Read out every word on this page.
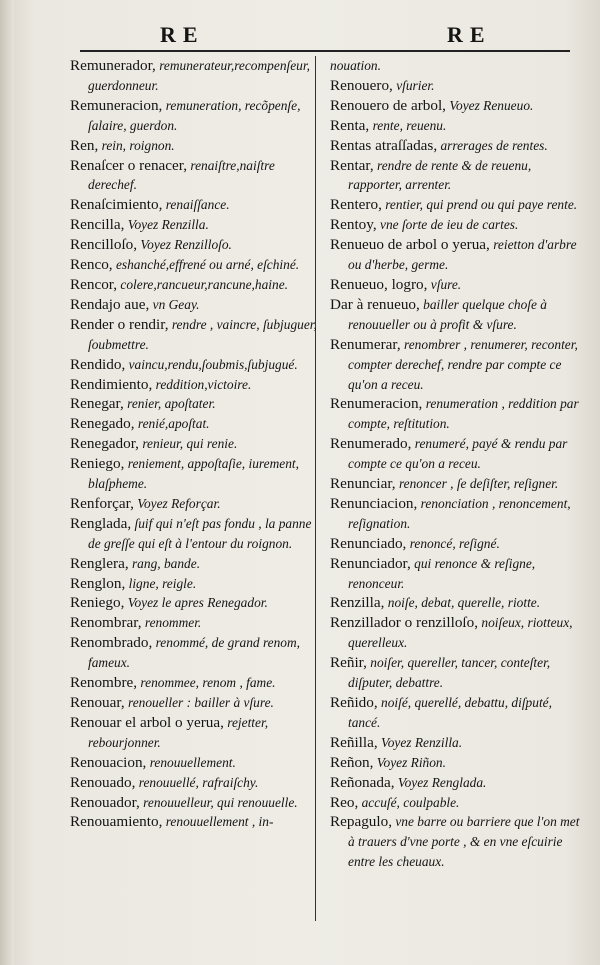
RE	RE

Remunerador, remunerateur,recompenſeur, guerdonneur.

Remuneracion, remuneration, recõpenſe, ſalaire, guerdon.

Ren, rein, roignon.

Renaſcer o renacer, renaiſtre,naiſtre derechef.

Renaſcimiento, renaiſſance.

Rencilla, Voyez Renzilla.

Rencilloſo, Voyez Renzilloſo.

Renco, eshanché,effrené ou arné, eſchiné.

Rencor, colere,rancueur,rancune,haine.

Rendajo aue, vn Geay.

Render o rendir, rendre , vaincre, ſubjuguer, ſoubmettre.

Rendido, vaincu,rendu,ſoubmis,ſubjugué.

Rendimiento, reddition,victoire.

Renegar, renier, apoſtater.

Renegado, renié,apoſtat.

Renegador, renieur, qui renie.

Reniego, reniement, appoſtaſie, iurement, blaſpheme.

Renforçar, Voyez Reforçar.

Renglada, ſuif qui n'eſt pas fondu , la panne de greſſe qui eſt à l'entour du roignon.

Renglera, rang, bande.

Renglon, ligne, reigle.

Reniego, Voyez le apres Renegador.

Renombrar, renommer.

Renombrado, renommé, de grand renom, fameux.

Renombre, renommee, renom , fame.

Renouar, renoueller : bailler à vſure.

Renouar el arbol o yerua, rejetter, rebourjonner.

Renouacion, renouuellement.

Renouado, renouuellé, rafraiſchy.

Renouador, renouuelleur, qui renouuelle.

Renouamiento, renouuellement , in-

nouation.

Renouero, vſurier.

Renouero de arbol, Voyez Renueuo.

Renta, rente, reuenu.

Rentas atraſſadas, arrerages de rentes.

Rentar, rendre de rente & de reuenu, rapporter, arrenter.

Rentero, rentier, qui prend ou qui paye rente.

Rentoy, vne ſorte de ieu de cartes.

Renueuo de arbol o yerua, reietton d'arbre ou d'herbe, germe.

Renueuo, logro, vſure.

Dar à renueuo, bailler quelque choſe à renouueller ou à profit & vſure.

Renumerar, renombrer , renumerer, reconter, compter derechef, rendre par compte ce qu'on a receu.

Renumeracion, renumeration , reddition par compte, reſtitution.

Renumerado, renumeré, payé & rendu par compte ce qu'on a receu.

Renunciar, renoncer , ſe deſiſter, reſigner.

Renunciacion, renonciation , renoncement, reſignation.

Renunciado, renoncé, reſigné.

Renunciador, qui renonce & reſigne, renonceur.

Renzilla, noiſe, debat, querelle, riotte.

Renzillador o renzilloſo, noiſeux, riotteux, querelleux.

Reñir, noiſer, quereller, tancer, conteſter, diſputer, debattre.

Reñido, noiſé, querellé, debattu, diſputé, tancé.

Reñilla, Voyez Renzilla.

Reñon, Voyez Riñon.

Reñonada, Voyez Renglada.

Reo, accuſé, coulpable.

Repagulo, vne barre ou barriere que l'on met à trauers d'vne porte , & en vne eſcuirie entre les cheuaux.
